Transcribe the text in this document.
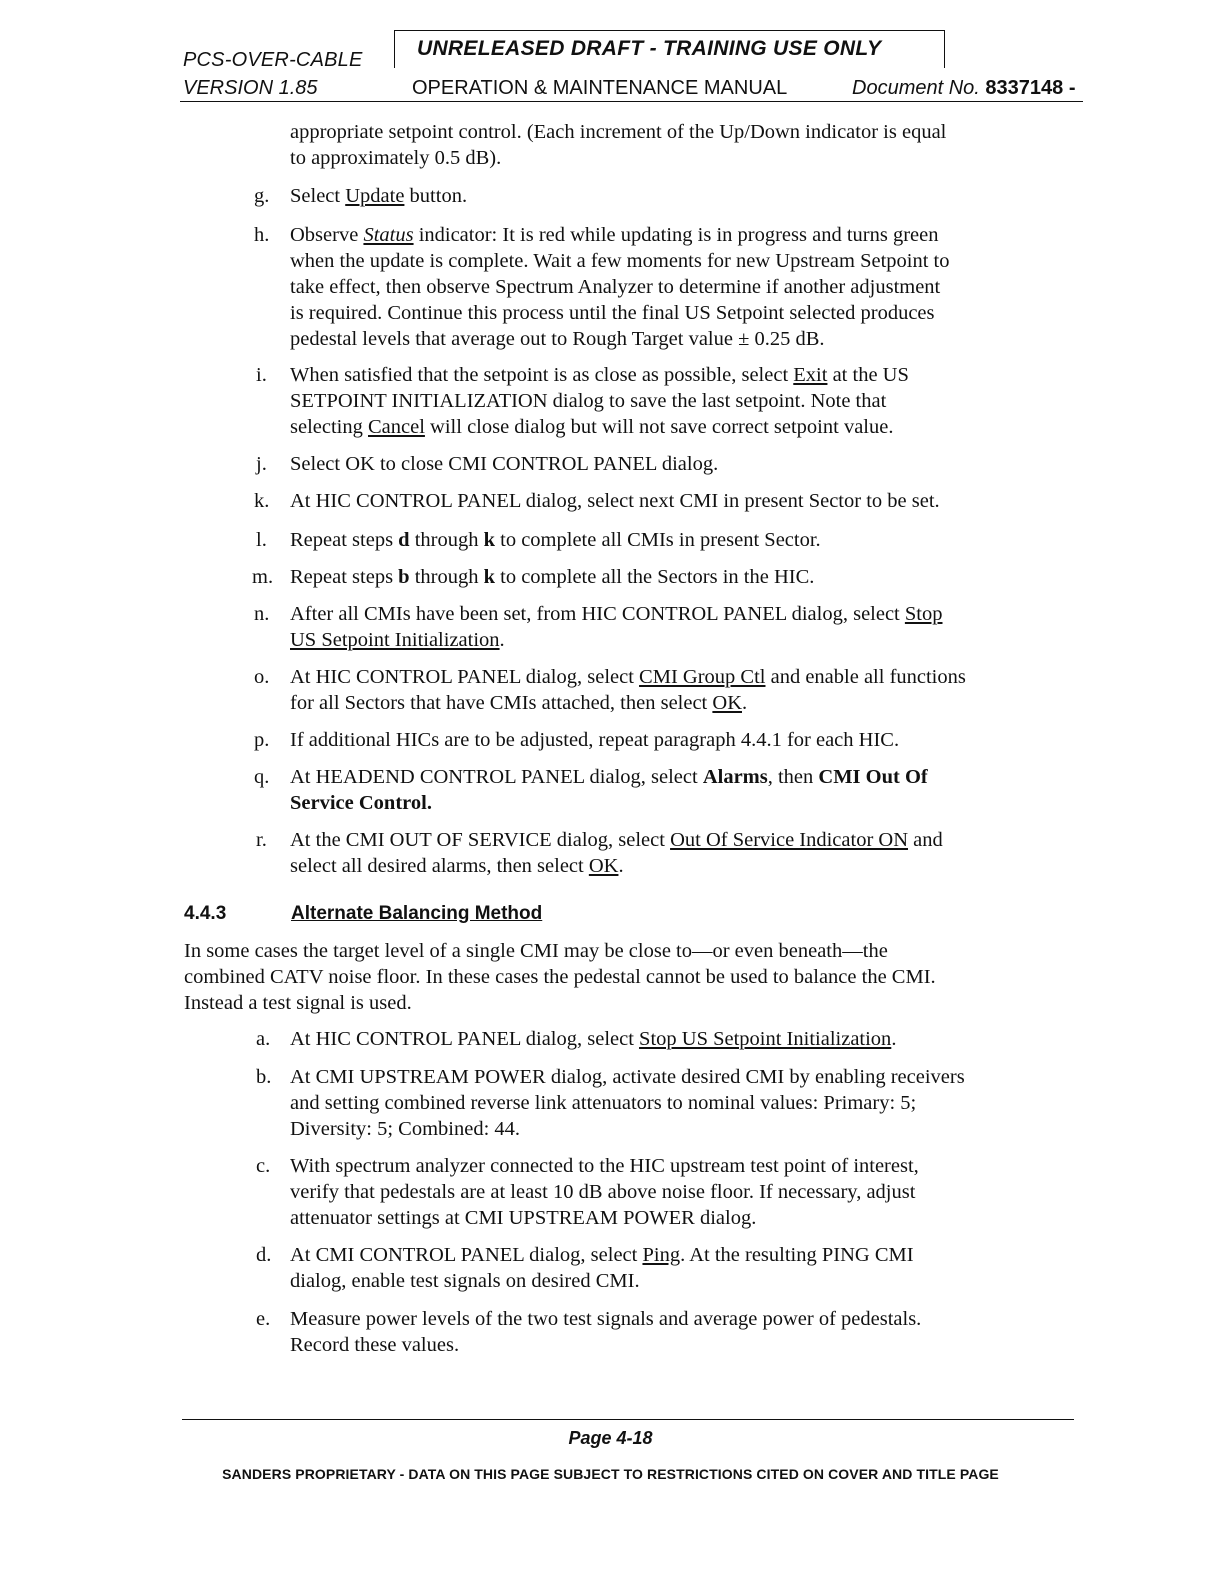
PCS-OVER-CABLE	UNRELEASED DRAFT - TRAINING USE ONLY
VERSION 1.85	OPERATION & MAINTENANCE MANUAL	Document No. 8337148 -
appropriate setpoint control. (Each increment of the Up/Down indicator is equal
to approximately 0.5 dB).
g. Select Update button.
h. Observe Status indicator: It is red while updating is in progress and turns green
when the update is complete. Wait a few moments for new Upstream Setpoint to
take effect, then observe Spectrum Analyzer to determine if another adjustment
is required. Continue this process until the final US Setpoint selected produces
pedestal levels that average out to Rough Target value ± 0.25 dB.
i. When satisfied that the setpoint is as close as possible, select Exit at the US
SETPOINT INITIALIZATION dialog to save the last setpoint. Note that
selecting Cancel will close dialog but will not save correct setpoint value.
j. Select OK to close CMI CONTROL PANEL dialog.
k. At HIC CONTROL PANEL dialog, select next CMI in present Sector to be set.
l. Repeat steps d through k to complete all CMIs in present Sector.
m. Repeat steps b through k to complete all the Sectors in the HIC.
n. After all CMIs have been set, from HIC CONTROL PANEL dialog, select Stop
US Setpoint Initialization.
o. At HIC CONTROL PANEL dialog, select CMI Group Ctl and enable all functions
for all Sectors that have CMIs attached, then select OK.
p. If additional HICs are to be adjusted, repeat paragraph 4.4.1 for each HIC.
q. At HEADEND CONTROL PANEL dialog, select Alarms, then CMI Out Of
Service Control.
r. At the CMI OUT OF SERVICE dialog, select Out Of Service Indicator ON and
select all desired alarms, then select OK.
4.4.3	Alternate Balancing Method
In some cases the target level of a single CMI may be close to—or even beneath—the
combined CATV noise floor. In these cases the pedestal cannot be used to balance the CMI.
Instead a test signal is used.
a. At HIC CONTROL PANEL dialog, select Stop US Setpoint Initialization.
b. At CMI UPSTREAM POWER dialog, activate desired CMI by enabling receivers
and setting combined reverse link attenuators to nominal values: Primary: 5;
Diversity: 5; Combined: 44.
c. With spectrum analyzer connected to the HIC upstream test point of interest,
verify that pedestals are at least 10 dB above noise floor. If necessary, adjust
attenuator settings at CMI UPSTREAM POWER dialog.
d. At CMI CONTROL PANEL dialog, select Ping. At the resulting PING CMI
dialog, enable test signals on desired CMI.
e. Measure power levels of the two test signals and average power of pedestals.
Record these values.
Page 4-18
SANDERS PROPRIETARY - DATA ON THIS PAGE SUBJECT TO RESTRICTIONS CITED ON COVER AND TITLE PAGE
